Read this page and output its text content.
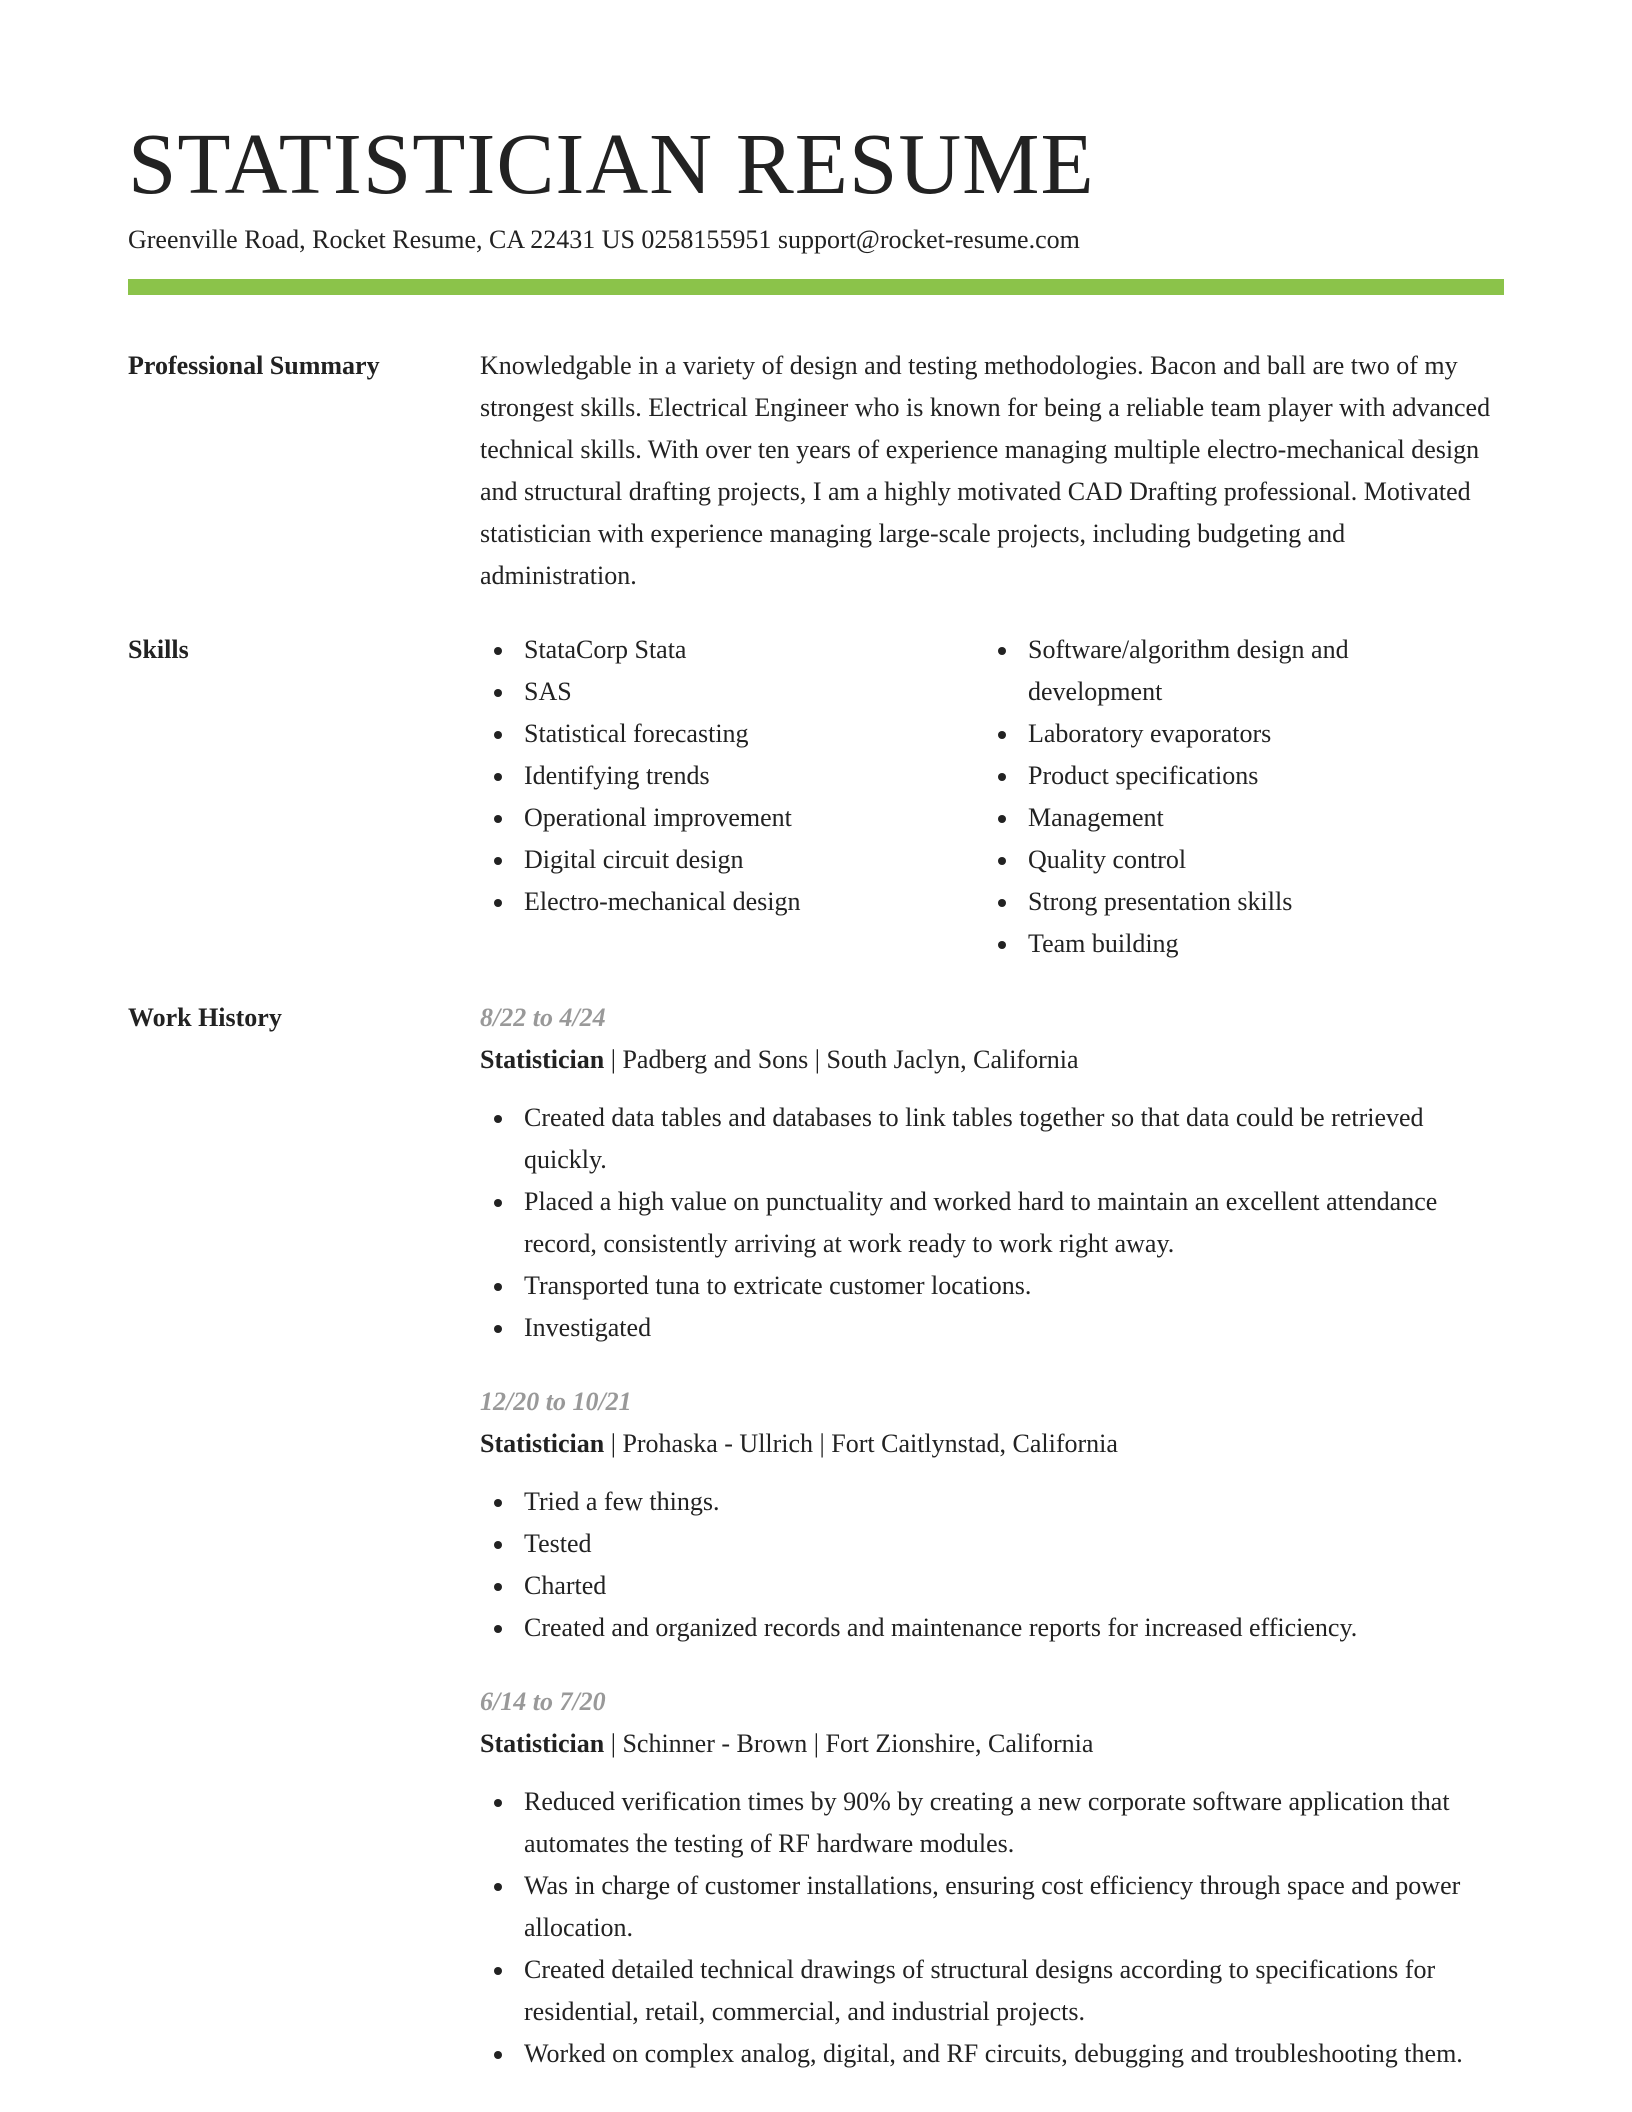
STATISTICIAN RESUME
Greenville Road, Rocket Resume, CA 22431 US 0258155951 support@rocket-resume.com
Professional Summary	Knowledgable in a variety of design and testing methodologies. Bacon and ball are two of my strongest skills. Electrical Engineer who is known for being a reliable team player with advanced technical skills. With over ten years of experience managing multiple electro-mechanical design and structural drafting projects, I am a highly motivated CAD Drafting professional. Motivated statistician with experience managing large-scale projects, including budgeting and administration.
Skills	StataCorp Stata
SAS
Statistical forecasting
Identifying trends
Operational improvement
Digital circuit design
Electro-mechanical design
Software/algorithm design and development
Laboratory evaporators
Product specifications
Management
Quality control
Strong presentation skills
Team building
Work History	8/22 to 4/24
Statistician | Padberg and Sons | South Jaclyn, California
Created data tables and databases to link tables together so that data could be retrieved quickly.
Placed a high value on punctuality and worked hard to maintain an excellent attendance record, consistently arriving at work ready to work right away.
Transported tuna to extricate customer locations.
Investigated
12/20 to 10/21
Statistician | Prohaska - Ullrich | Fort Caitlynstad, California
Tried a few things.
Tested
Charted
Created and organized records and maintenance reports for increased efficiency.
6/14 to 7/20
Statistician | Schinner - Brown | Fort Zionshire, California
Reduced verification times by 90% by creating a new corporate software application that automates the testing of RF hardware modules.
Was in charge of customer installations, ensuring cost efficiency through space and power allocation.
Created detailed technical drawings of structural designs according to specifications for residential, retail, commercial, and industrial projects.
Worked on complex analog, digital, and RF circuits, debugging and troubleshooting them.
